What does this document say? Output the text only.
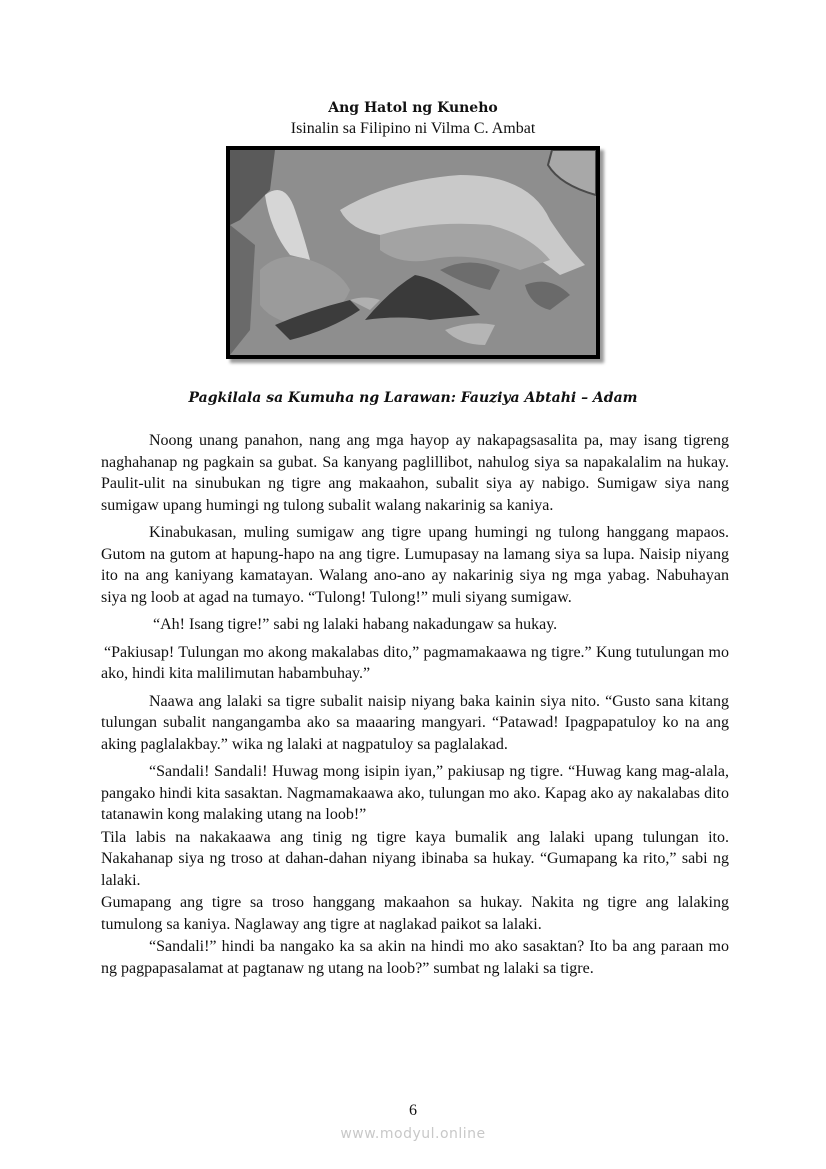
Ang Hatol ng Kuneho
Isinalin sa Filipino ni Vilma C. Ambat
Pagkilala sa Kumuha ng Larawan: Fauziya Abtahi – Adam

Noong unang panahon, nang ang mga hayop ay nakapagsasalita pa, may isang tigreng naghahanap ng pagkain sa gubat. Sa kanyang paglillibot, nahulog siya sa napakalalim na hukay. Paulit-ulit na sinubukan ng tigre ang makaahon, subalit siya ay nabigo. Sumigaw siya nang sumigaw upang humingi ng tulong subalit walang nakarinig sa kaniya.

Kinabukasan, muling sumigaw ang tigre upang humingi ng tulong hanggang mapaos. Gutom na gutom at hapung-hapo na ang tigre. Lumupasay na lamang siya sa lupa. Naisip niyang ito na ang kaniyang kamatayan. Walang ano-ano ay nakarinig siya ng mga yabag. Nabuhayan siya ng loob at agad na tumayo. “Tulong! Tulong!” muli siyang sumigaw.

“Ah! Isang tigre!” sabi ng lalaki habang nakadungaw sa hukay.

“Pakiusap! Tulungan mo akong makalabas dito,” pagmamakaawa ng tigre.” Kung tutulungan mo ako, hindi kita malilimutan habambuhay.”

Naawa ang lalaki sa tigre subalit naisip niyang baka kainin siya nito. “Gusto sana kitang tulungan subalit nangangamba ako sa maaaring mangyari. “Patawad! Ipagpapatuloy ko na ang aking paglalakbay.” wika ng lalaki at nagpatuloy sa paglalakad.

“Sandali! Sandali! Huwag mong isipin iyan,” pakiusap ng tigre. “Huwag kang mag-alala, pangako hindi kita sasaktan. Nagmamakaawa ako, tulungan mo ako. Kapag ako ay nakalabas dito tatanawin kong malaking utang na loob!”

Tila labis na nakakaawa ang tinig ng tigre kaya bumalik ang lalaki upang tulungan ito. Nakahanap siya ng troso at dahan-dahan niyang ibinaba sa hukay. “Gumapang ka rito,” sabi ng lalaki.

Gumapang ang tigre sa troso hanggang makaahon sa hukay. Nakita ng tigre ang lalaking tumulong sa kaniya. Naglaway ang tigre at naglakad paikot sa lalaki.

“Sandali!” hindi ba nangako ka sa akin na hindi mo ako sasaktan? Ito ba ang paraan mo ng pagpapasalamat at pagtanaw ng utang na loob?” sumbat ng lalaki sa tigre.

6
www.modyul.online
